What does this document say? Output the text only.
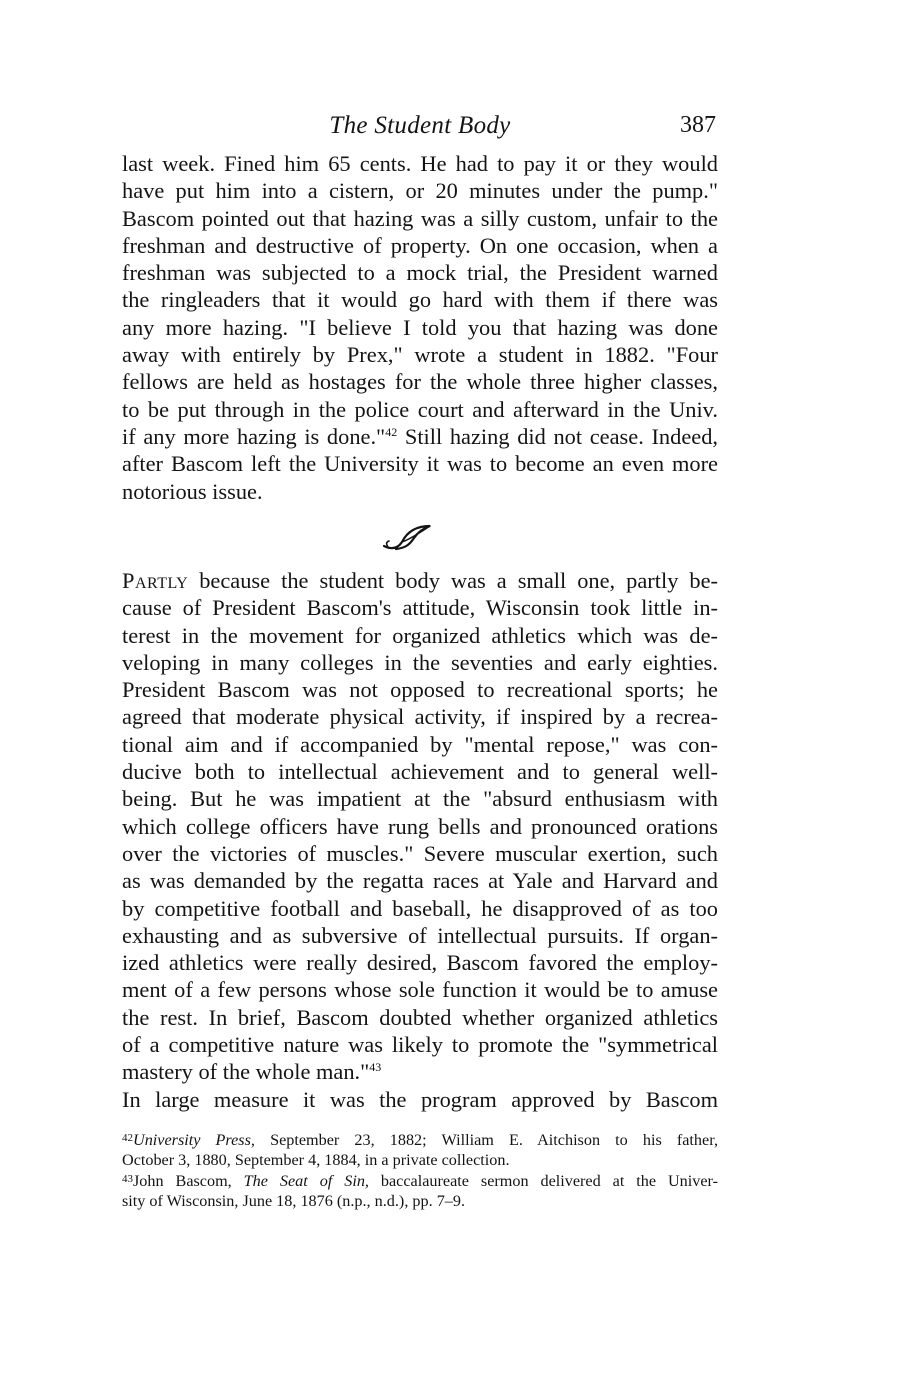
The Student Body	387
last week. Fined him 65 cents. He had to pay it or they would
have put him into a cistern, or 20 minutes under the pump."
Bascom pointed out that hazing was a silly custom, unfair to the
freshman and destructive of property. On one occasion, when a
freshman was subjected to a mock trial, the President warned
the ringleaders that it would go hard with them if there was
any more hazing. "I believe I told you that hazing was done
away with entirely by Prex," wrote a student in 1882. "Four
fellows are held as hostages for the whole three higher classes,
to be put through in the police court and afterward in the Univ.
if any more hazing is done."$^{42}$ Still hazing did not cease. Indeed,
after Bascom left the University it was to become an even more
notorious issue.
Partly because the student body was a small one, partly be-
cause of President Bascom's attitude, Wisconsin took little in-
terest in the movement for organized athletics which was de-
veloping in many colleges in the seventies and early eighties.
President Bascom was not opposed to recreational sports; he
agreed that moderate physical activity, if inspired by a recrea-
tional aim and if accompanied by "mental repose," was con-
ducive both to intellectual achievement and to general well-
being. But he was impatient at the "absurd enthusiasm with
which college officers have rung bells and pronounced orations
over the victories of muscles." Severe muscular exertion, such
as was demanded by the regatta races at Yale and Harvard and
by competitive football and baseball, he disapproved of as too
exhausting and as subversive of intellectual pursuits. If organ-
ized athletics were really desired, Bascom favored the employ-
ment of a few persons whose sole function it would be to amuse
the rest. In brief, Bascom doubted whether organized athletics
of a competitive nature was likely to promote the "symmetrical
mastery of the whole man."$^{43}$
In large measure it was the program approved by Bascom
$^{42}$University Press, September 23, 1882; William E. Aitchison to his father,
October 3, 1880, September 4, 1884, in a private collection.
$^{43}$John Bascom, The Seat of Sin, baccalaureate sermon delivered at the Univer-
sity of Wisconsin, June 18, 1876 (n.p., n.d.), pp. 7–9.
